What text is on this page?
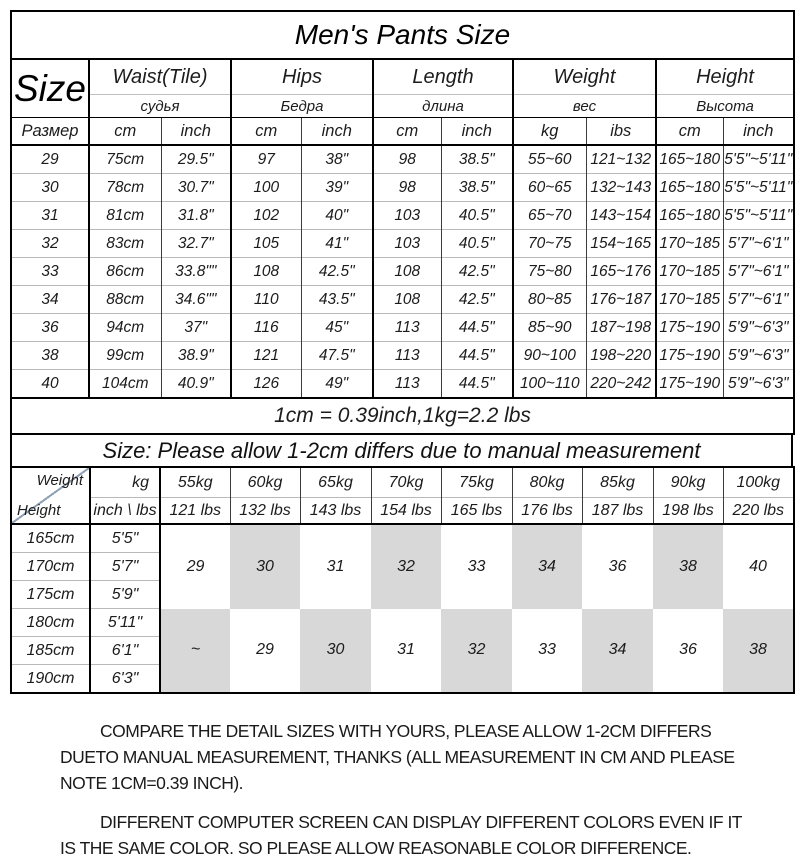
Men's Pants Size										
Size	Waist(Tile)		Hips		Length		Weight		Height	
	судья		Бедра		длина		вес		Высота	
Размер	cm	inch	cm	inch	cm	inch	kg	ibs	cm	inch
29	75cm	29.5"	97	38"	98	38.5"	55~60	121~132	165~180	5'5"~5'11"
30	78cm	30.7"	100	39"	98	38.5"	60~65	132~143	165~180	5'5"~5'11"
31	81cm	31.8"	102	40"	103	40.5"	65~70	143~154	165~180	5'5"~5'11"
32	83cm	32.7"	105	41"	103	40.5"	70~75	154~165	170~185	5'7"~6'1"
33	86cm	33.8""	108	42.5"	108	42.5"	75~80	165~176	170~185	5'7"~6'1"
34	88cm	34.6""	110	43.5"	108	42.5"	80~85	176~187	170~185	5'7"~6'1"
36	94cm	37"	116	45"	113	44.5"	85~90	187~198	175~190	5'9"~6'3"
38	99cm	38.9"	121	47.5"	113	44.5"	90~100	198~220	175~190	5'9"~6'3"
40	104cm	40.9"	126	49"	113	44.5"	100~110	220~242	175~190	5'9"~6'3"
1cm = 0.39inch,1kg=2.2 lbs										
Size: Please allow 1-2cm differs due to manual measurement
Weight
Height	kg	55kg	60kg	65kg	70kg	75kg	80kg	85kg	90kg	100kg
	inch \ lbs	121 lbs	132 lbs	143 lbs	154 lbs	165 lbs	176 lbs	187 lbs	198 lbs	220 lbs
165cm	5'5"	29	30	31	32	33	34	36	38	40
170cm	5'7"									
175cm	5'9"									
180cm	5'11"	~	29	30	31	32	33	34	36	38
185cm	6'1"									
190cm	6'3"									

COMPARE THE DETAIL SIZES WITH YOURS, PLEASE ALLOW 1-2CM DIFFERS DUETO MANUAL MEASUREMENT, THANKS (ALL MEASUREMENT IN CM AND PLEASE NOTE 1CM=0.39 INCH).

DIFFERENT COMPUTER SCREEN CAN DISPLAY DIFFERENT COLORS EVEN IF IT IS THE SAME COLOR. SO PLEASE ALLOW REASONABLE COLOR DIFFERENCE.
